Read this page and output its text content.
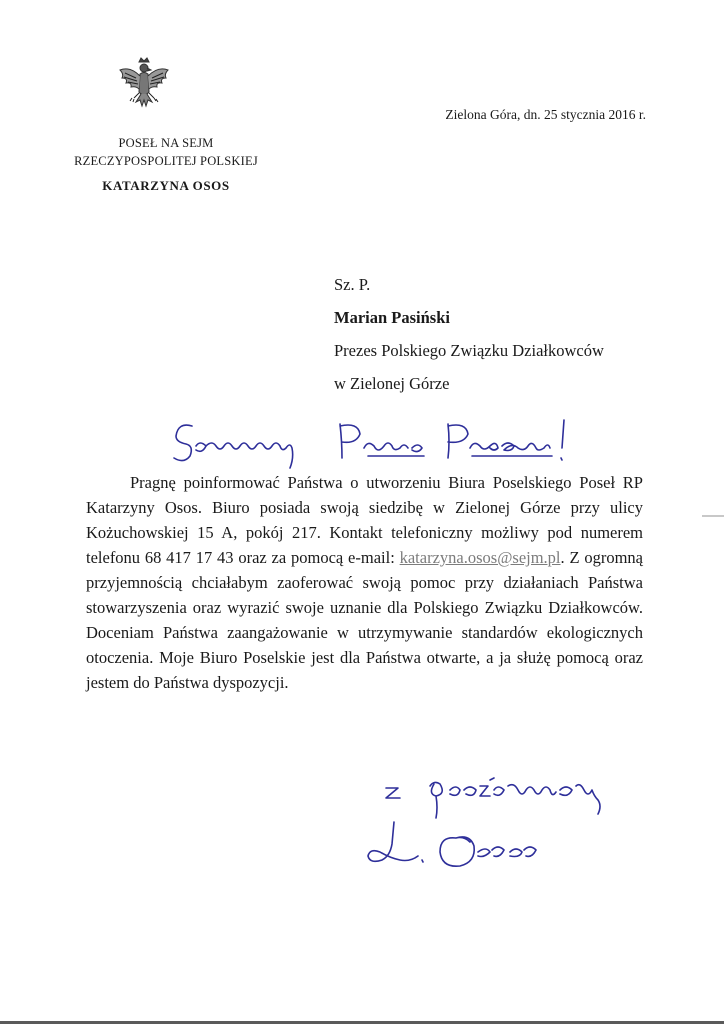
POSEŁ NA SEJM
RZECZYPOSPOLITEJ POLSKIEJ
KATARZYNA OSOS
Zielona Góra, dn. 25 stycznia 2016 r.
Sz. P.
Marian Pasiński
Prezes Polskiego Związku Działkowców
w Zielonej Górze

Pragnę poinformować Państwa o utworzeniu Biura Poselskiego Poseł RP Katarzyny Osos. Biuro posiada swoją siedzibę w Zielonej Górze przy ulicy Kożuchowskiej 15 A, pokój 217. Kontakt telefoniczny możliwy pod numerem telefonu 68 417 17 43 oraz za pomocą e-mail: katarzyna.osos@sejm.pl. Z ogromną przyjemnością chciałabym zaoferować swoją pomoc przy działaniach Państwa stowarzyszenia oraz wyrazić swoje uznanie dla Polskiego Związku Działkowców. Doceniam Państwa zaangażowanie w utrzymywanie standardów ekologicznych otoczenia. Moje Biuro Poselskie jest dla Państwa otwarte, a ja służę pomocą oraz jestem do Państwa dyspozycji.
